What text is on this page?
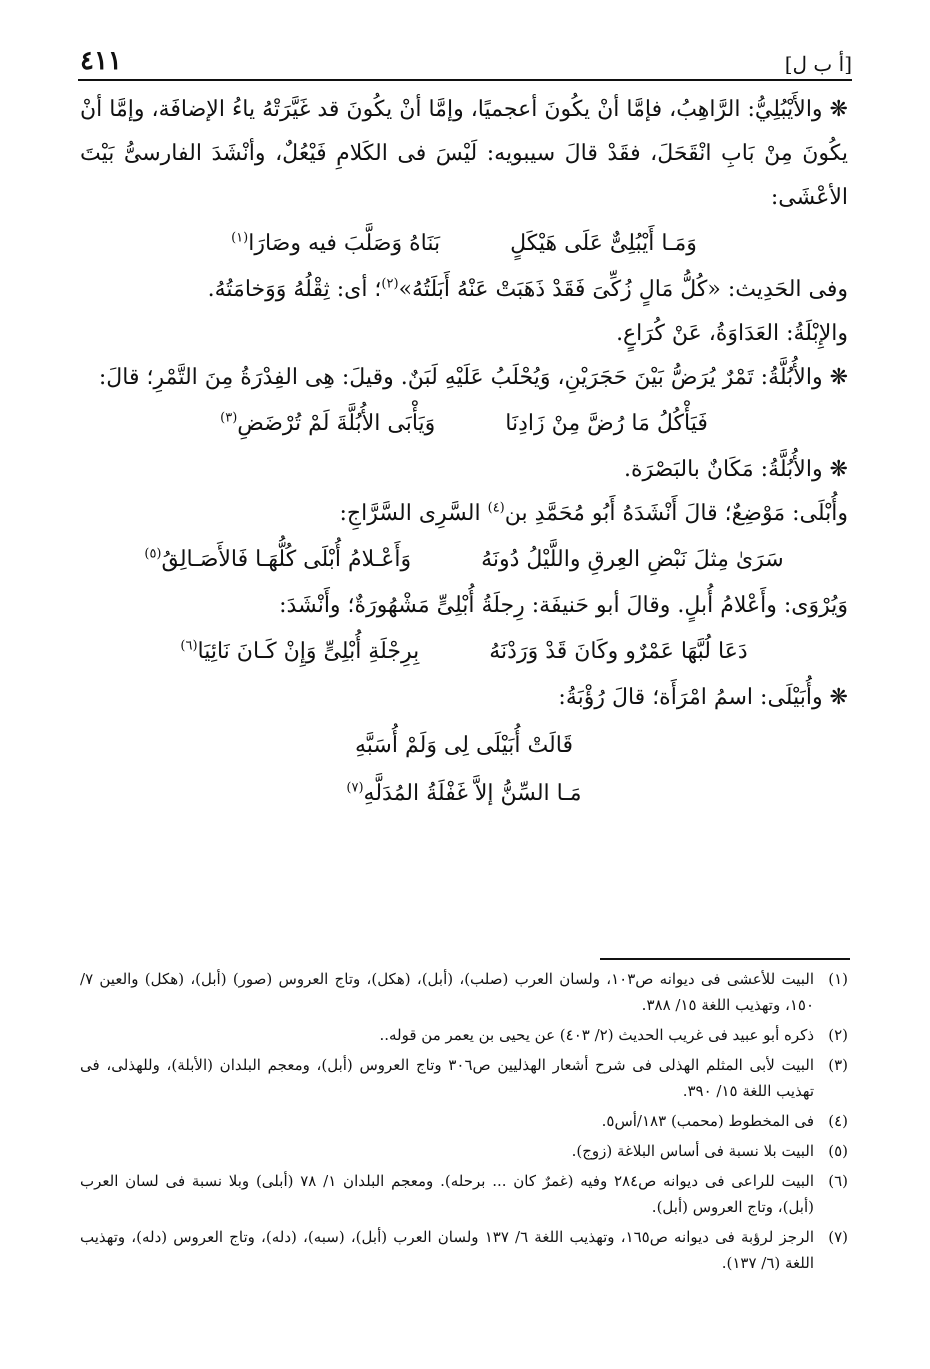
٤١١	[أ ب ل]

❋ والأَيْبُلِيُّ: الرَّاهِبُ، فإمَّا أنْ يكُونَ أعجميًا، وإمَّا أنْ يكُونَ قد غَيَّرَتْهُ ياءُ الإضافَة، وإمَّا أنْ يكُونَ مِنْ بَابِ انْقَحَلَ، فقَدْ قالَ سيبويه: لَيْسَ فى الكَلامِ فَيْعُلٌ، وأنْشَدَ الفارسىُّ بَيْتَ الأعْشَى:

وَمَـا أَيْبُلِىٌّ عَلَى هَيْكَلٍ
بَنَاهُ وَصَلَّبَ فيه وصَارَا$^{(١)}$

وفى الحَدِيث: «كُلُّ مَالٍ زُكِّىَ فَقَدْ ذَهَبَتْ عَنْهُ أَبَلَتُهُ»$^{(٢)}$؛ أى: ثِقْلُهُ وَوَخامَتُهُ.

والإِبْلَةُ: العَدَاوَةُ، عَنْ كُرَاعٍ.

❋ والأُبُلَّةُ: تَمْرٌ يُرَضُّ بَيْنَ حَجَرَيْنِ، وَيُحْلَبُ عَلَيْهِ لَبَنٌ. وقيلَ: هِى الفِدْرَةُ مِنَ التَّمْرِ؛ قالَ:

فَيَأْكُلُ مَا رُضَّ مِنْ زَادِنَا
وَيَأْبَى الأُبُلَّةَ لَمْ تُرْضَضِ$^{(٣)}$

❋ والأُبُلَّةُ: مَكَانٌ بالبَصْرَة.

وأُبْلَى: مَوْضِعٌ؛ قالَ أَنْشَدَهُ أَبُو مُحَمَّدِ بن$^{(٤)}$ السَّرِى السَّرَّاجِ:

سَرَىٰ مِثلَ نَبْضِ العِرقِ واللَّيْلُ دُونَهُ
وَأَعْـلامُ أُبْلَى كُلُّهَـا فَالأَصَـالِقُ$^{(٥)}$

وَيُرْوَى: وأَعْلامُ أُبلٍ. وقالَ أبو حَنيفَة: رِجلَةُ أُبْلِىٍّ مَشْهُورَةٌ؛ وأَنْشَدَ:

دَعَا لُبَّهَا عَمْرٌو وكَانَ قَدْ وَرَدْنَهُ
بِرِجْلَةِ أُبْلِىٍّ وَإِنْ كَـانَ نَائِيَا$^{(٦)}$

❋ وأُبَيْلَى: اسمُ امْرَأَة؛ قالَ رُؤْبَةُ:

قَالَتْ أُبَيْلَى لِى وَلَمْ أُسَبَّهِ
مَـا السِّنُّ إلاَّ غَفْلَةُ المُدَلَّهِ$^{(٧)}$
(١)
البيت للأعشى فى ديوانه ص١٠٣، ولسان العرب (صلب)، (أبل)، (هكل)، وتاج العروس (صور) (أبل)، (هكل) والعين ٧/ ١٥٠، وتهذيب اللغة ١٥/ ٣٨٨.
(٢)
ذكره أبو عبيد فى غريب الحديث (٢/ ٤٠٣) عن يحيى بن يعمر من قوله..
(٣)
البيت لأبى المثلم الهذلى فى شرح أشعار الهذليين ص٣٠٦ وتاج العروس (أبل)، ومعجم البلدان (الأبلة)، وللهذلى، فى تهذيب اللغة ١٥/ ٣٩٠.
(٤)
فى المخطوط (محمب) ١٨٣/أس٥.
(٥)
البيت بلا نسبة فى أساس البلاغة (زوج).
(٦)
البيت للراعى فى ديوانه ص٢٨٤ وفيه (غمرٌ كان ... برحله). ومعجم البلدان ١/ ٧٨ (أبلى) وبلا نسبة فى لسان العرب (أبل)، وتاج العروس (أبل).
(٧)
الرجز لرؤبة فى ديوانه ص١٦٥، وتهذيب اللغة ٦/ ١٣٧ ولسان العرب (أبل)، (سبه)، (دله)، وتاج العروس (دله)، وتهذيب اللغة (٦/ ١٣٧).
